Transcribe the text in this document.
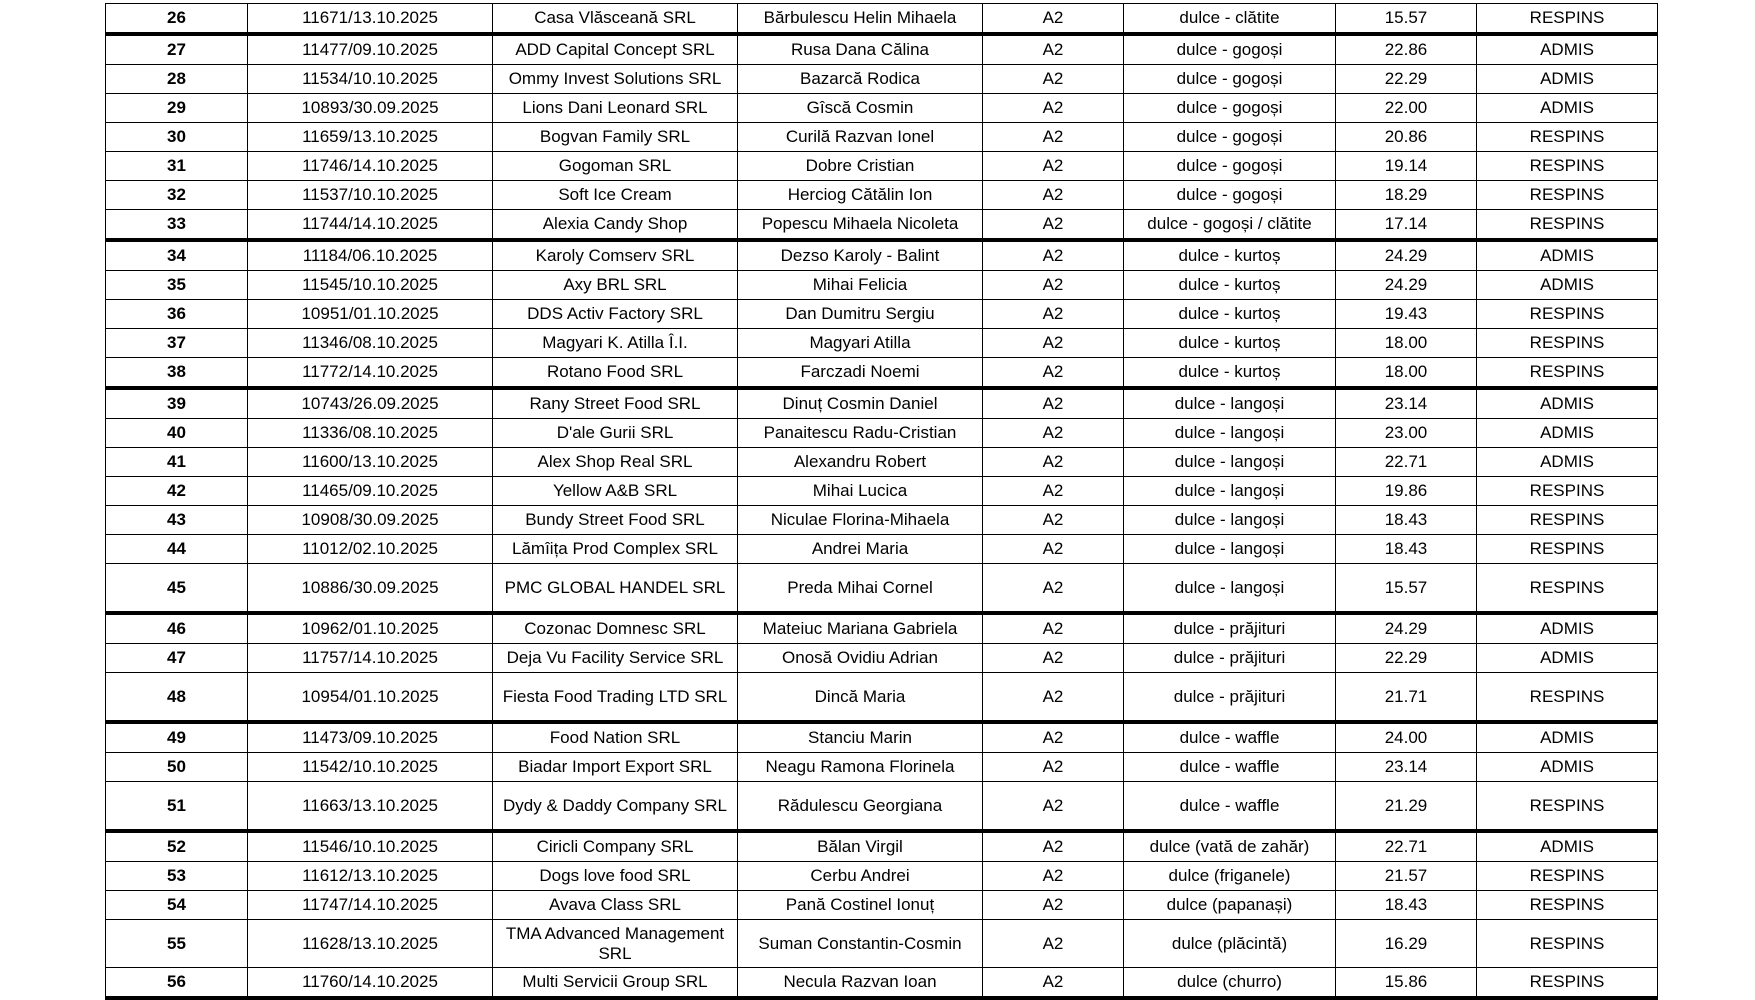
26	11671/13.10.2025	Casa Vlăsceană SRL	Bărbulescu Helin Mihaela	A2	dulce - clătite	15.57	RESPINS
27	11477/09.10.2025	ADD Capital Concept SRL	Rusa Dana Călina	A2	dulce - gogoși	22.86	ADMIS
28	11534/10.10.2025	Ommy Invest Solutions SRL	Bazarcă Rodica	A2	dulce - gogoși	22.29	ADMIS
29	10893/30.09.2025	Lions Dani Leonard SRL	Gîscă Cosmin	A2	dulce - gogoși	22.00	ADMIS
30	11659/13.10.2025	Bogvan Family SRL	Curilă Razvan Ionel	A2	dulce - gogoși	20.86	RESPINS
31	11746/14.10.2025	Gogoman SRL	Dobre Cristian	A2	dulce - gogoși	19.14	RESPINS
32	11537/10.10.2025	Soft Ice Cream	Herciog Cătălin Ion	A2	dulce - gogoși	18.29	RESPINS
33	11744/14.10.2025	Alexia Candy Shop	Popescu Mihaela Nicoleta	A2	dulce - gogoși / clătite	17.14	RESPINS
34	11184/06.10.2025	Karoly Comserv SRL	Dezso Karoly - Balint	A2	dulce - kurtoș	24.29	ADMIS
35	11545/10.10.2025	Axy BRL SRL	Mihai Felicia	A2	dulce - kurtoș	24.29	ADMIS
36	10951/01.10.2025	DDS Activ Factory SRL	Dan Dumitru Sergiu	A2	dulce - kurtoș	19.43	RESPINS
37	11346/08.10.2025	Magyari K. Atilla Î.I.	Magyari Atilla	A2	dulce - kurtoș	18.00	RESPINS
38	11772/14.10.2025	Rotano Food SRL	Farczadi Noemi	A2	dulce - kurtoș	18.00	RESPINS
39	10743/26.09.2025	Rany Street Food SRL	Dinuț Cosmin Daniel	A2	dulce - langoși	23.14	ADMIS
40	11336/08.10.2025	D'ale Gurii SRL	Panaitescu Radu-Cristian	A2	dulce - langoși	23.00	ADMIS
41	11600/13.10.2025	Alex Shop Real SRL	Alexandru Robert	A2	dulce - langoși	22.71	ADMIS
42	11465/09.10.2025	Yellow A&B SRL	Mihai Lucica	A2	dulce - langoși	19.86	RESPINS
43	10908/30.09.2025	Bundy Street Food SRL	Niculae Florina-Mihaela	A2	dulce - langoși	18.43	RESPINS
44	11012/02.10.2025	Lămîița Prod Complex SRL	Andrei Maria	A2	dulce - langoși	18.43	RESPINS
45	10886/30.09.2025	PMC GLOBAL HANDEL SRL	Preda Mihai Cornel	A2	dulce - langoși	15.57	RESPINS
46	10962/01.10.2025	Cozonac Domnesc SRL	Mateiuc Mariana Gabriela	A2	dulce - prăjituri	24.29	ADMIS
47	11757/14.10.2025	Deja Vu Facility Service SRL	Onosă Ovidiu Adrian	A2	dulce - prăjituri	22.29	ADMIS
48	10954/01.10.2025	Fiesta Food Trading LTD SRL	Dincă Maria	A2	dulce - prăjituri	21.71	RESPINS
49	11473/09.10.2025	Food Nation SRL	Stanciu Marin	A2	dulce - waffle	24.00	ADMIS
50	11542/10.10.2025	Biadar Import Export SRL	Neagu Ramona Florinela	A2	dulce - waffle	23.14	ADMIS
51	11663/13.10.2025	Dydy & Daddy Company SRL	Rădulescu Georgiana	A2	dulce - waffle	21.29	RESPINS
52	11546/10.10.2025	Ciricli Company SRL	Bălan Virgil	A2	dulce (vată de zahăr)	22.71	ADMIS
53	11612/13.10.2025	Dogs love food SRL	Cerbu Andrei	A2	dulce (friganele)	21.57	RESPINS
54	11747/14.10.2025	Avava Class SRL	Pană Costinel Ionuț	A2	dulce (papanași)	18.43	RESPINS
55	11628/13.10.2025	TMA Advanced Management SRL	Suman Constantin-Cosmin	A2	dulce (plăcintă)	16.29	RESPINS
56	11760/14.10.2025	Multi Servicii Group SRL	Necula Razvan Ioan	A2	dulce (churro)	15.86	RESPINS
